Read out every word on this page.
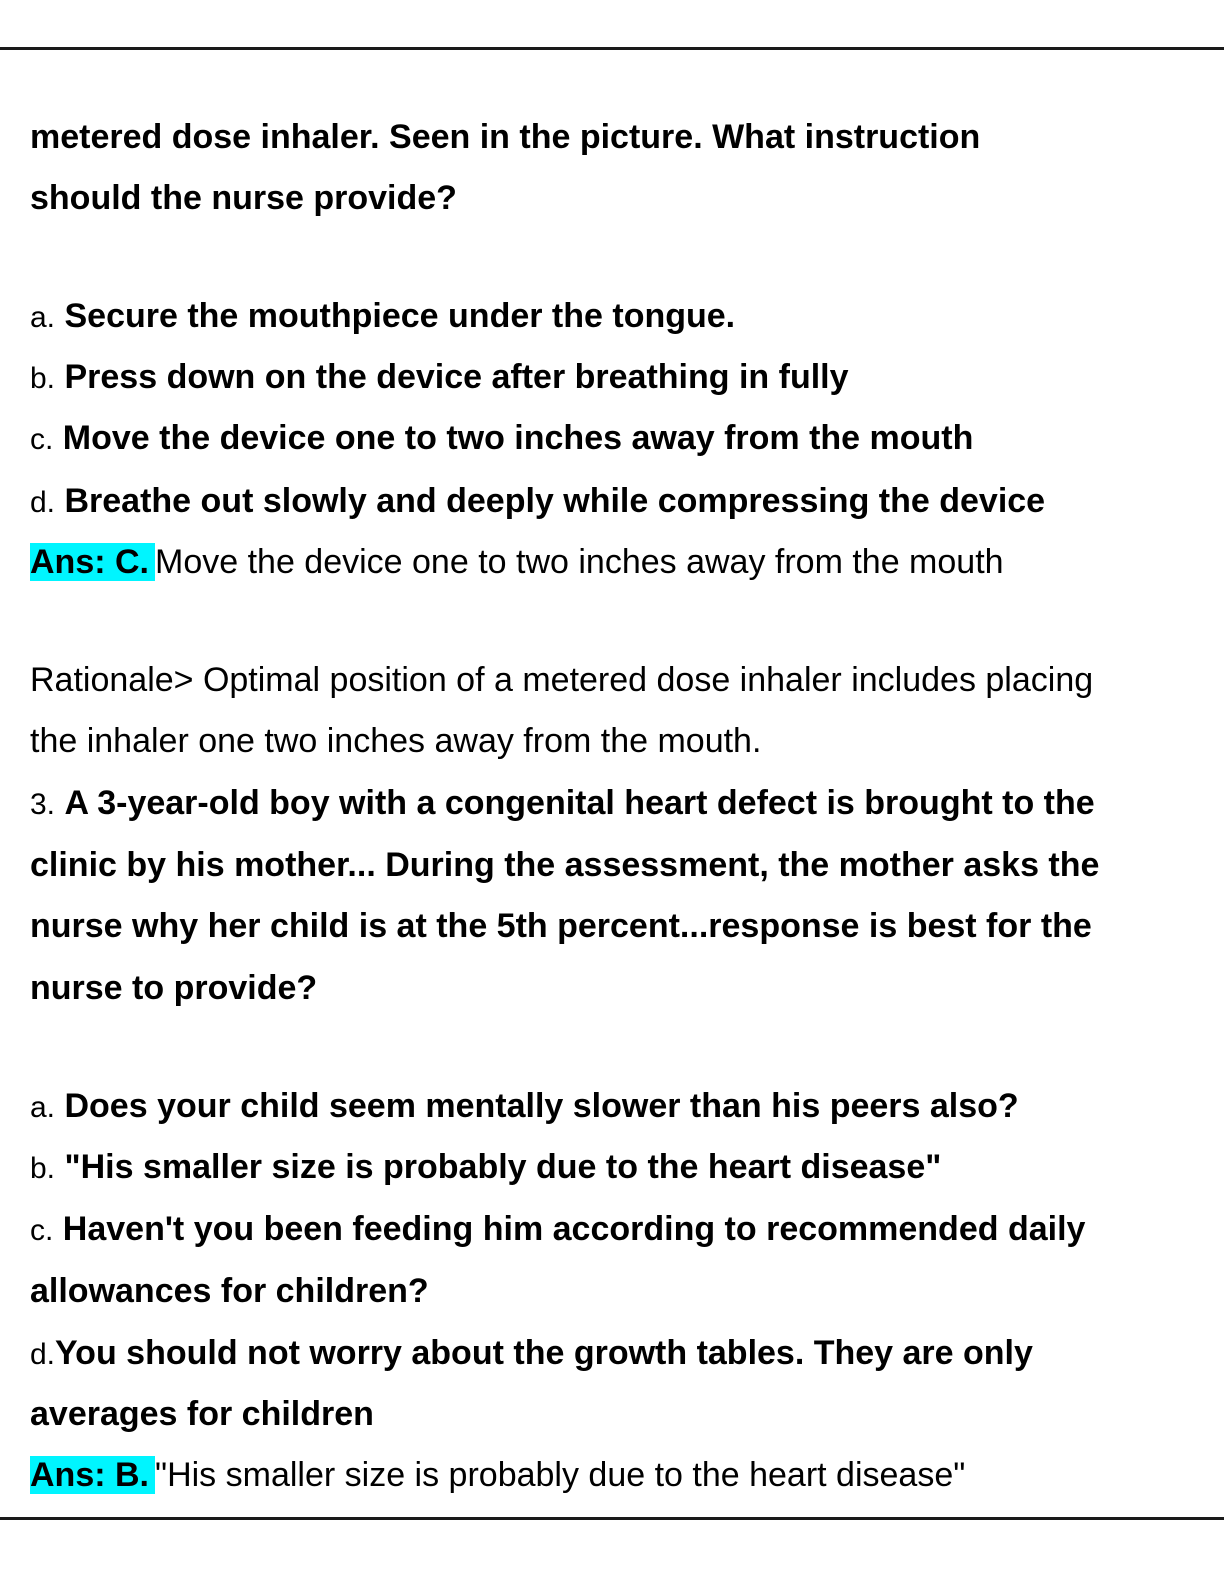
metered dose inhaler. Seen in the picture. What instruction
should the nurse provide?
a. Secure the mouthpiece under the tongue.
b. Press down on the device after breathing in fully
c. Move the device one to two inches away from the mouth
d. Breathe out slowly and deeply while compressing the device
Ans: C. Move the device one to two inches away from the mouth
Rationale> Optimal position of a metered dose inhaler includes placing
the inhaler one two inches away from the mouth.
3. A 3-year-old boy with a congenital heart defect is brought to the
clinic by his mother... During the assessment, the mother asks the
nurse why her child is at the 5th percent...response is best for the
nurse to provide?
a. Does your child seem mentally slower than his peers also?
b. "His smaller size is probably due to the heart disease"
c. Haven't you been feeding him according to recommended daily
allowances for children?
d.You should not worry about the growth tables. They are only
averages for children
Ans: B. "His smaller size is probably due to the heart disease"
